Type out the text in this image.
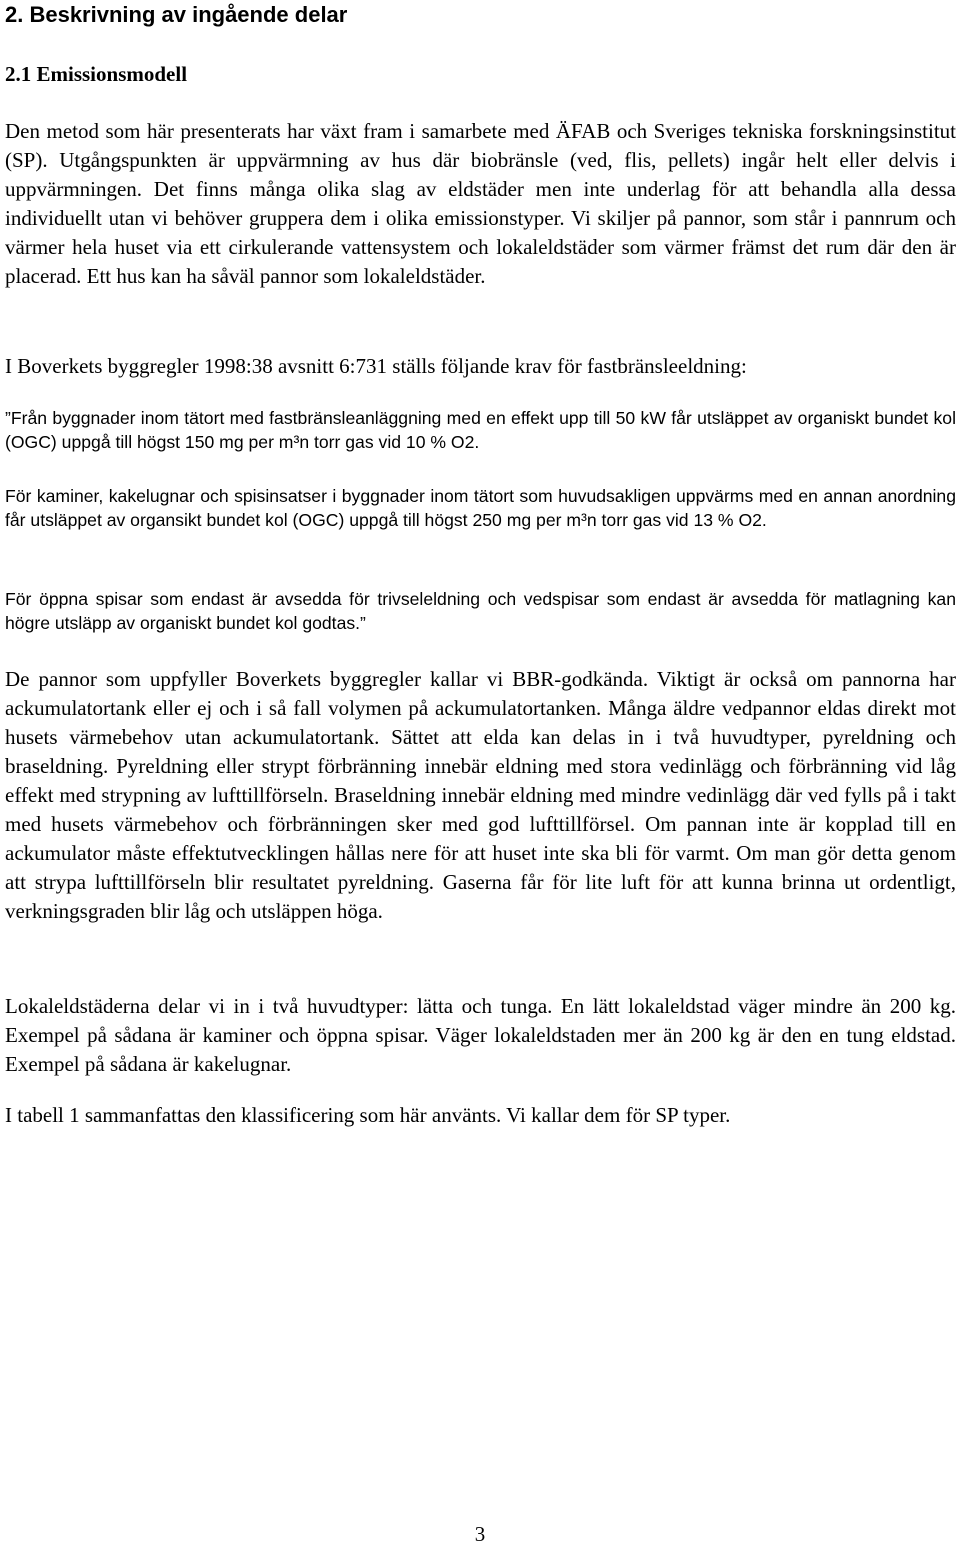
2. Beskrivning av ingående delar
2.1 Emissionsmodell

Den metod som här presenterats har växt fram i samarbete med ÄFAB och Sveriges tekniska forskningsinstitut (SP). Utgångspunkten är uppvärmning av hus där biobränsle (ved, flis, pellets) ingår helt eller delvis i uppvärmningen. Det finns många olika slag av eldstäder men inte underlag för att behandla alla dessa individuellt utan vi behöver gruppera dem i olika emissionstyper. Vi skiljer på pannor, som står i pannrum och värmer hela huset via ett cirkulerande vattensystem och lokaleldstäder som värmer främst det rum där den är placerad. Ett hus kan ha såväl pannor som lokaleldstäder.

I Boverkets byggregler 1998:38 avsnitt 6:731 ställs följande krav för fastbränsleeldning:

”Från byggnader inom tätort med fastbränsleanläggning med en effekt upp till 50 kW får utsläppet av organiskt bundet kol (OGC) uppgå till högst 150 mg per m³n torr gas vid 10 % O2.

För kaminer, kakelugnar och spisinsatser i byggnader inom tätort som huvudsakligen uppvärms med en annan anordning får utsläppet av organsikt bundet kol (OGC) uppgå till högst 250 mg per m³n torr gas vid 13 % O2.

För öppna spisar som endast är avsedda för trivseleldning och vedspisar som endast är avsedda för matlagning kan högre utsläpp av organiskt bundet kol godtas.”

De pannor som uppfyller Boverkets byggregler kallar vi BBR-godkända. Viktigt är också om pannorna har ackumulatortank eller ej och i så fall volymen på ackumulatortanken. Många äldre vedpannor eldas direkt mot husets värmebehov utan ackumulatortank. Sättet att elda kan delas in i två huvudtyper, pyreldning och braseldning. Pyreldning eller strypt förbränning innebär eldning med stora vedinlägg och förbränning vid låg effekt med strypning av lufttillförseln. Braseldning innebär eldning med mindre vedinlägg där ved fylls på i takt med husets värmebehov och förbränningen sker med god lufttillförsel. Om pannan inte är kopplad till en ackumulator måste effektutvecklingen hållas nere för att huset inte ska bli för varmt. Om man gör detta genom att strypa lufttillförseln blir resultatet pyreldning. Gaserna får för lite luft för att kunna brinna ut ordentligt, verkningsgraden blir låg och utsläppen höga.

Lokaleldstäderna delar vi in i två huvudtyper: lätta och tunga. En lätt lokaleldstad väger mindre än 200 kg. Exempel på sådana är kaminer och öppna spisar. Väger lokaleldstaden mer än 200 kg är den en tung eldstad. Exempel på sådana är kakelugnar.

I tabell 1 sammanfattas den klassificering som här använts. Vi kallar dem för SP typer.

3
